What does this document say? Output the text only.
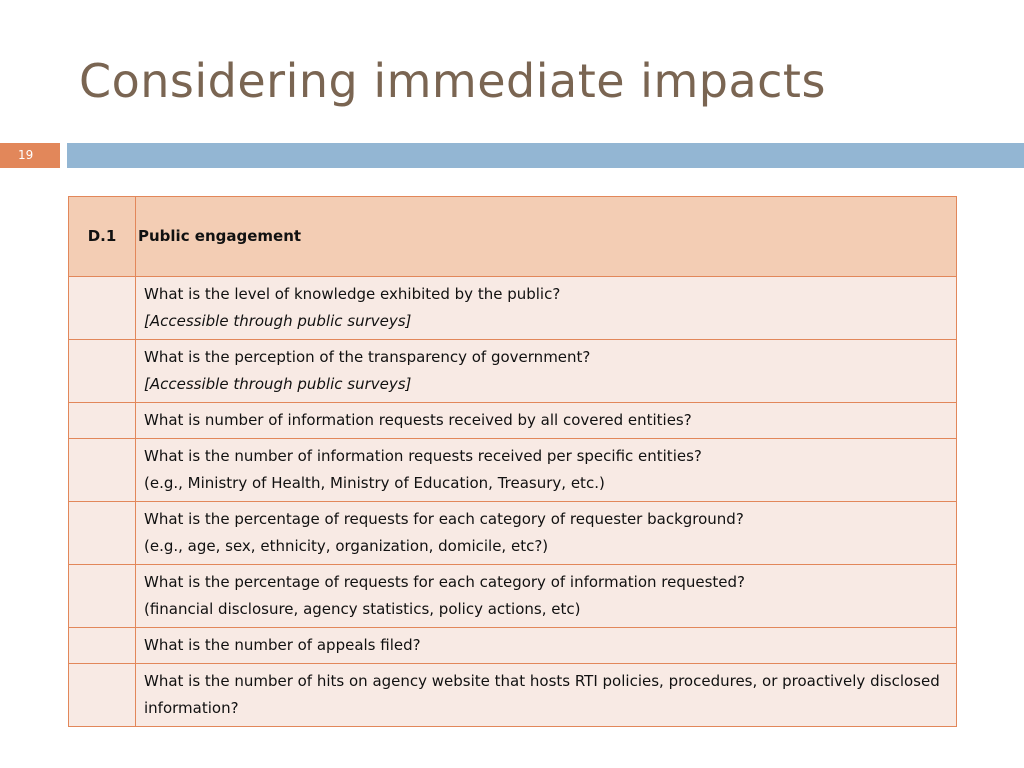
Considering immediate impacts
19
D.1	Public engagement

	What is the level of knowledge exhibited by the public?
[Accessible through public surveys]

	What is the perception of the transparency of government?
[Accessible through public surveys]

	What is number of information requests received by all covered entities?

	What is the number of information requests received per specific entities?
(e.g., Ministry of Health, Ministry of Education, Treasury, etc.)

	What is the percentage of requests for each category of requester background?
(e.g., age, sex, ethnicity, organization, domicile, etc?)

	What is the percentage of requests for each category of information requested?
(financial disclosure, agency statistics, policy actions, etc)

	What is the number of appeals filed?

	What is the number of hits on agency website that hosts RTI policies, procedures, or proactively disclosed information?
